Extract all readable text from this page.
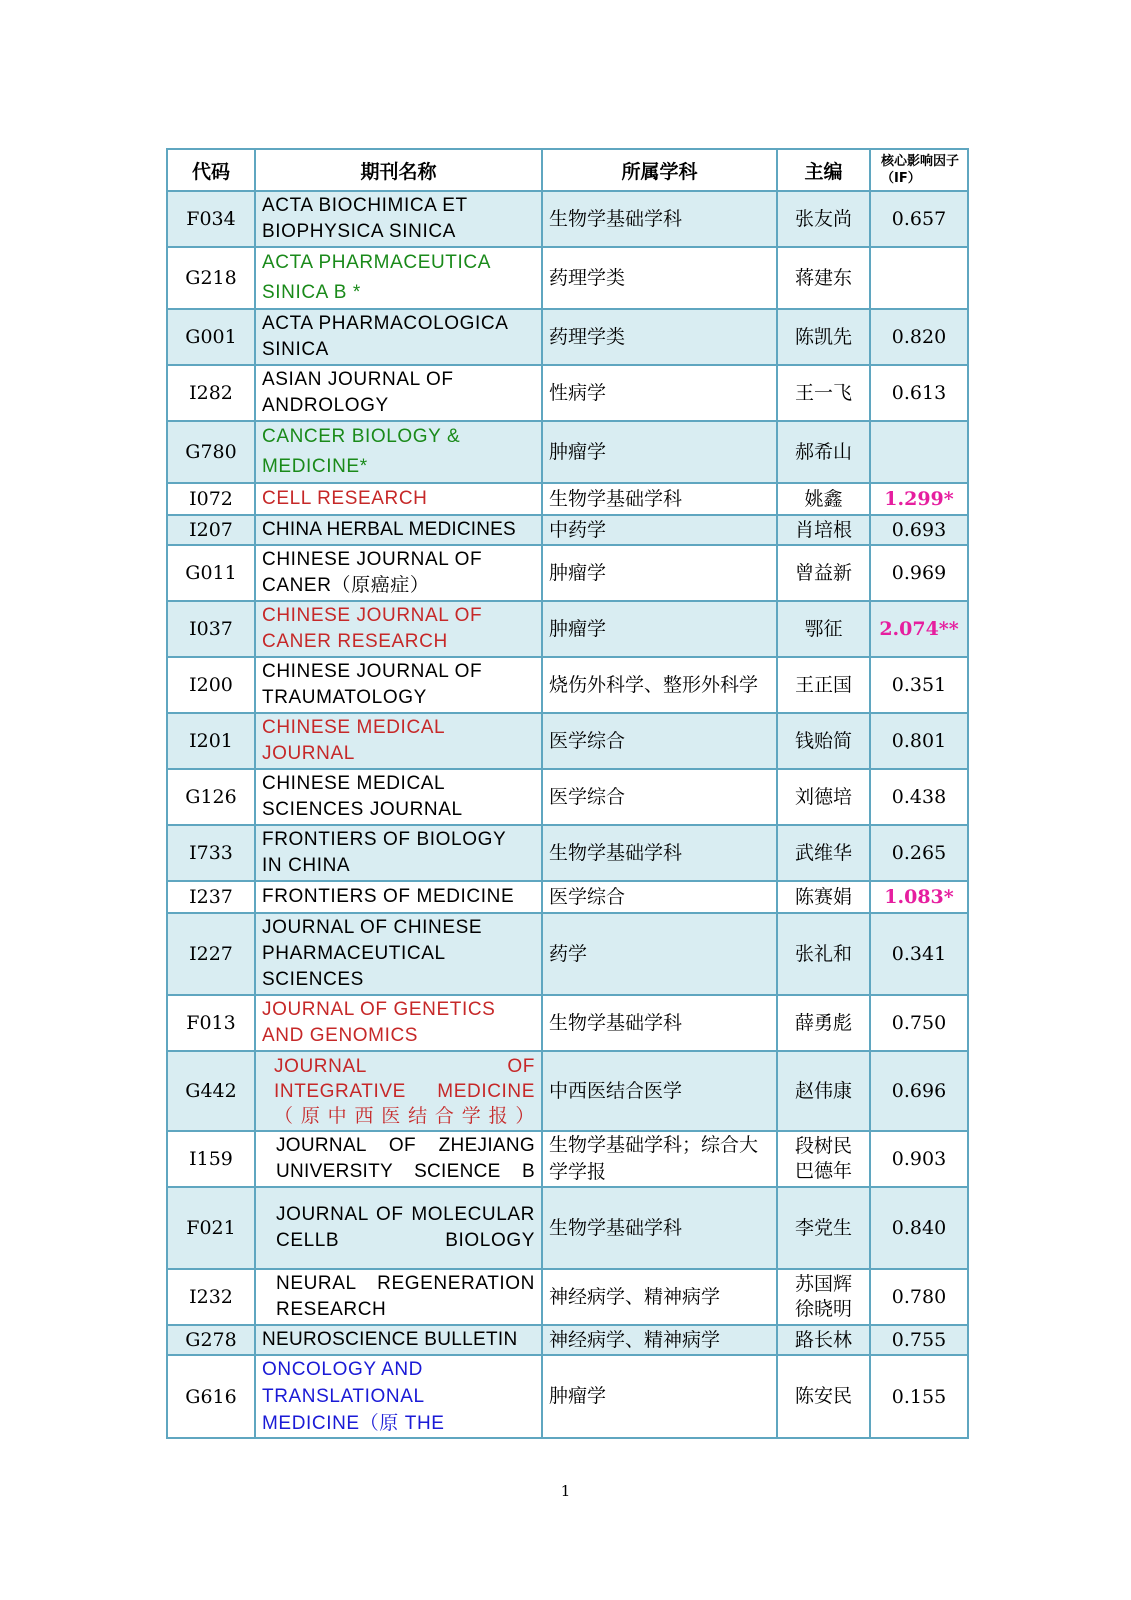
代码	期刊名称	所属学科	主编	核心影响因子（IF）
F034	ACTA BIOCHIMICA ET BIOPHYSICA SINICA	生物学基础学科	张友尚	0.657
G218	ACTA PHARMACEUTICA SINICA B *	药理学类	蒋建东	
G001	ACTA PHARMACOLOGICA SINICA	药理学类	陈凯先	0.820
I282	ASIAN JOURNAL OF ANDROLOGY	性病学	王一飞	0.613
G780	CANCER BIOLOGY & MEDICINE*	肿瘤学	郝希山	
I072	CELL RESEARCH	生物学基础学科	姚鑫	1.299*
I207	CHINA HERBAL MEDICINES	中药学	肖培根	0.693
G011	CHINESE JOURNAL OF CANER（原癌症）	肿瘤学	曾益新	0.969
I037	CHINESE JOURNAL OF CANER RESEARCH	肿瘤学	鄂征	2.074**
I200	CHINESE JOURNAL OF TRAUMATOLOGY	烧伤外科学、整形外科学	王正国	0.351
I201	CHINESE MEDICAL JOURNAL	医学综合	钱贻简	0.801
G126	CHINESE MEDICAL SCIENCES JOURNAL	医学综合	刘德培	0.438
I733	FRONTIERS OF BIOLOGY IN CHINA	生物学基础学科	武维华	0.265
I237	FRONTIERS OF MEDICINE	医学综合	陈赛娟	1.083*
I227	JOURNAL OF CHINESE PHARMACEUTICAL SCIENCES	药学	张礼和	0.341
F013	JOURNAL OF GENETICS AND GENOMICS	生物学基础学科	薛勇彪	0.750
G442	JOURNAL OF INTEGRATIVE MEDICINE（原中西医结合学报）	中西医结合医学	赵伟康	0.696
I159	JOURNAL OF ZHEJIANG UNIVERSITY SCIENCE B	生物学基础学科；综合大学学报	段树民 巴德年	0.903
F021	JOURNAL OF MOLECULAR CELLB BIOLOGY	生物学基础学科	李党生	0.840
I232	NEURAL REGENERATION RESEARCH	神经病学、精神病学	苏国辉 徐晓明	0.780
G278	NEUROSCIENCE BULLETIN	神经病学、精神病学	路长林	0.755
G616	ONCOLOGY AND TRANSLATIONAL MEDICINE（原 THE	肿瘤学	陈安民	0.155
1
